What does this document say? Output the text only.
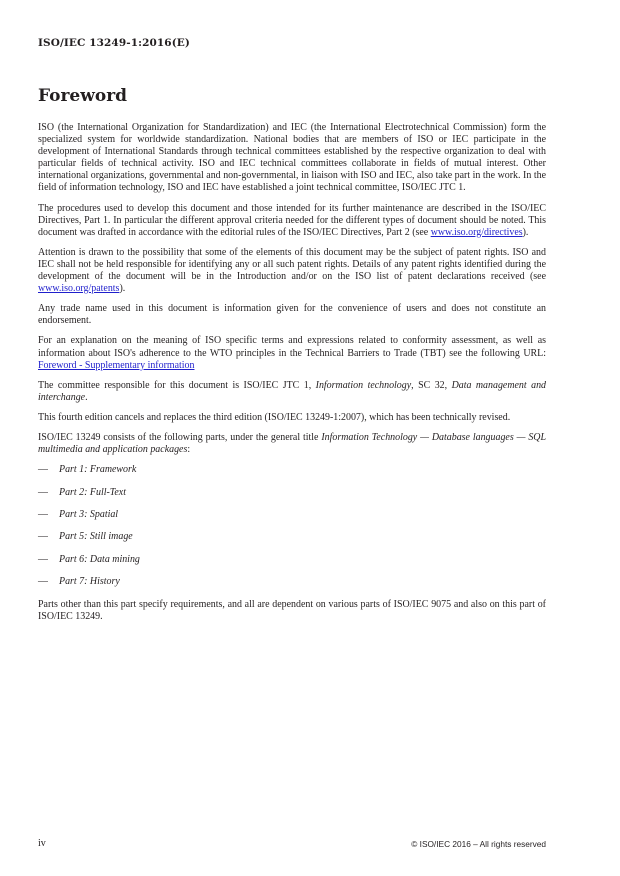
ISO/IEC 13249-1:2016(E)
Foreword

ISO (the International Organization for Standardization) and IEC (the International Electrotechnical Commission) form the specialized system for worldwide standardization. National bodies that are members of ISO or IEC participate in the development of International Standards through technical committees established by the respective organization to deal with particular fields of technical activity. ISO and IEC technical committees collaborate in fields of mutual interest. Other international organizations, governmental and non-governmental, in liaison with ISO and IEC, also take part in the work. In the field of information technology, ISO and IEC have established a joint technical committee, ISO/IEC JTC 1.

The procedures used to develop this document and those intended for its further maintenance are described in the ISO/IEC Directives, Part 1. In particular the different approval criteria needed for the different types of document should be noted. This document was drafted in accordance with the editorial rules of the ISO/IEC Directives, Part 2 (see www.iso.org/directives).

Attention is drawn to the possibility that some of the elements of this document may be the subject of patent rights. ISO and IEC shall not be held responsible for identifying any or all such patent rights. Details of any patent rights identified during the development of the document will be in the Introduction and/or on the ISO list of patent declarations received (see www.iso.org/patents).

Any trade name used in this document is information given for the convenience of users and does not constitute an endorsement.

For an explanation on the meaning of ISO specific terms and expressions related to conformity assessment, as well as information about ISO's adherence to the WTO principles in the Technical Barriers to Trade (TBT) see the following URL: Foreword - Supplementary information

The committee responsible for this document is ISO/IEC JTC 1, Information technology, SC 32, Data management and interchange.

This fourth edition cancels and replaces the third edition (ISO/IEC 13249-1:2007), which has been technically revised.

ISO/IEC 13249 consists of the following parts, under the general title Information Technology — Database languages — SQL multimedia and application packages:

—	Part 1: Framework
—	Part 2: Full-Text
—	Part 3: Spatial
—	Part 5: Still image
—	Part 6: Data mining
—	Part 7: History

Parts other than this part specify requirements, and all are dependent on various parts of ISO/IEC 9075 and also on this part of ISO/IEC 13249.

iv	© ISO/IEC 2016 – All rights reserved
